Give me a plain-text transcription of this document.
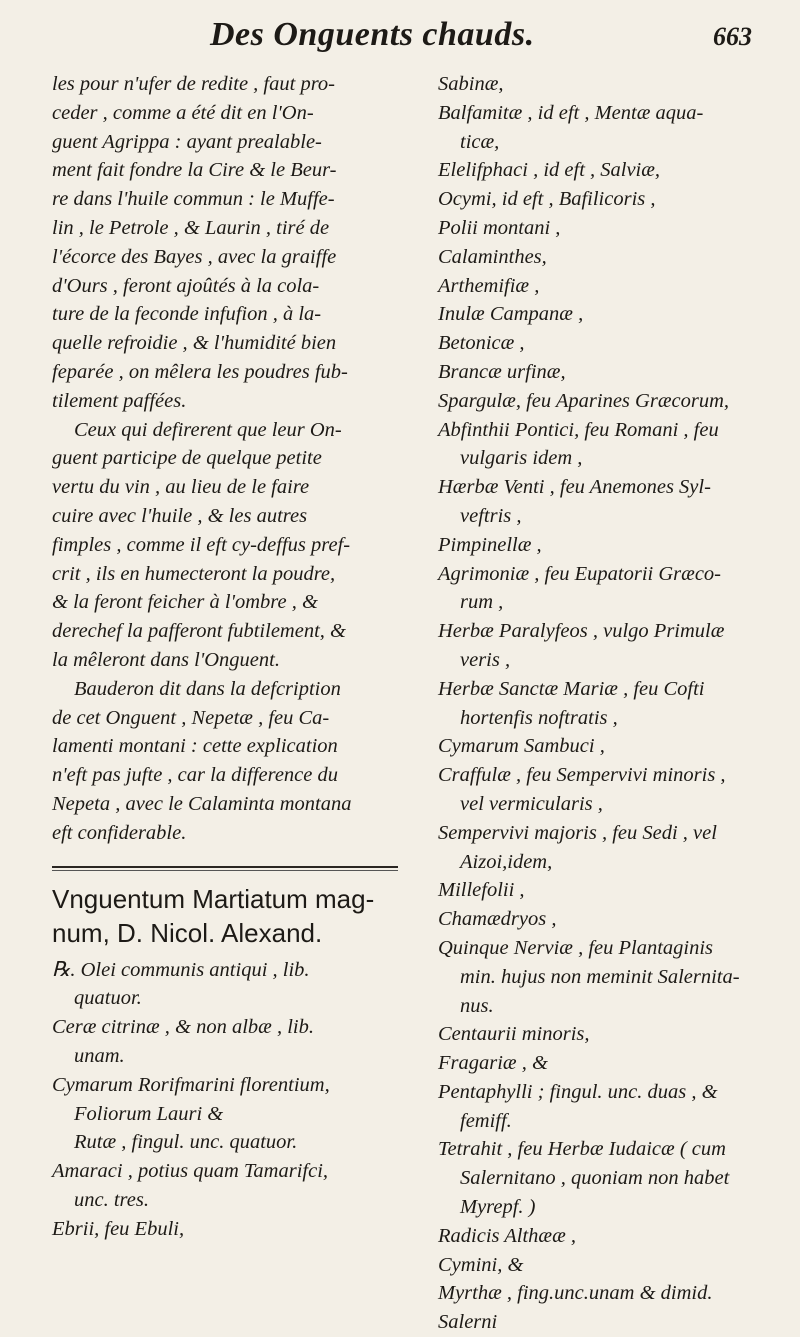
Des Onguents chauds.	663
les pour n'ufer de redite , faut pro-
ceder , comme a été dit en l'On-
guent Agrippa : ayant prealable-
ment fait fondre la Cire & le Beur-
re dans l'huile commun : le Muffe-
lin , le Petrole , & Laurin , tiré de
l'écorce des Bayes , avec la graiffe
d'Ours , feront ajoûtés à la cola-
ture de la feconde infufion , à la-
quelle refroidie , & l'humidité bien
feparée , on mêlera les poudres fub-
tilement paffées.
Ceux qui defirerent que leur On-
guent participe de quelque petite
vertu du vin , au lieu de le faire
cuire avec l'huile , & les autres
fimples , comme il eft cy-deffus pref-
crit , ils en humecteront la poudre,
& la feront feicher à l'ombre , &
derechef la pafferont fubtilement, &
la mêleront dans l'Onguent.
Bauderon dit dans la defcription
de cet Onguent , Nepetæ , feu Ca-
lamenti montani : cette explication
n'eft pas jufte , car la difference du
Nepeta , avec le Calaminta montana
eft confiderable.
Vnguentum Martiatum mag-
num, D. Nicol. Alexand.
℞. Olei communis antiqui , lib.
quatuor.
Ceræ citrinæ , & non albæ , lib.
unam.
Cymarum Rorifmarini florentium,
Foliorum Lauri &
Rutæ , fingul. unc. quatuor.
Amaraci , potius quam Tamarifci,
unc. tres.
Ebrii, feu Ebuli,
Sabinæ,
Balfamitæ , id eft , Mentæ aqua-
ticæ,
Elelifphaci , id eft , Salviæ,
Ocymi, id eft , Bafilicoris ,
Polii montani ,
Calaminthes,
Arthemifiæ ,
Inulæ Campanæ ,
Betonicæ ,
Brancæ urfinæ,
Spargulæ, feu Aparines Græcorum,
Abfinthii Pontici, feu Romani , feu
vulgaris idem ,
Hærbæ Venti , feu Anemones Syl-
veftris ,
Pimpinellæ ,
Agrimoniæ , feu Eupatorii Græco-
rum ,
Herbæ Paralyfeos , vulgo Primulæ
veris ,
Herbæ Sanctæ Mariæ , feu Cofti
hortenfis noftratis ,
Cymarum Sambuci ,
Craffulæ , feu Sempervivi minoris ,
vel vermicularis ,
Sempervivi majoris , feu Sedi , vel
Aizoi,idem,
Millefolii ,
Chamædryos ,
Quinque Nerviæ , feu Plantaginis
min. hujus non meminit Salernita-
nus.
Centaurii minoris,
Fragariæ , &
Pentaphylli ; fingul. unc. duas , &
femiff.
Tetrahit , feu Herbæ Iudaicæ ( cum
Salernitano , quoniam non habet
Myrepf. )
Radicis Althææ ,
Cymini, &
Myrthæ , fing.unc.unam & dimid.
Salerni
